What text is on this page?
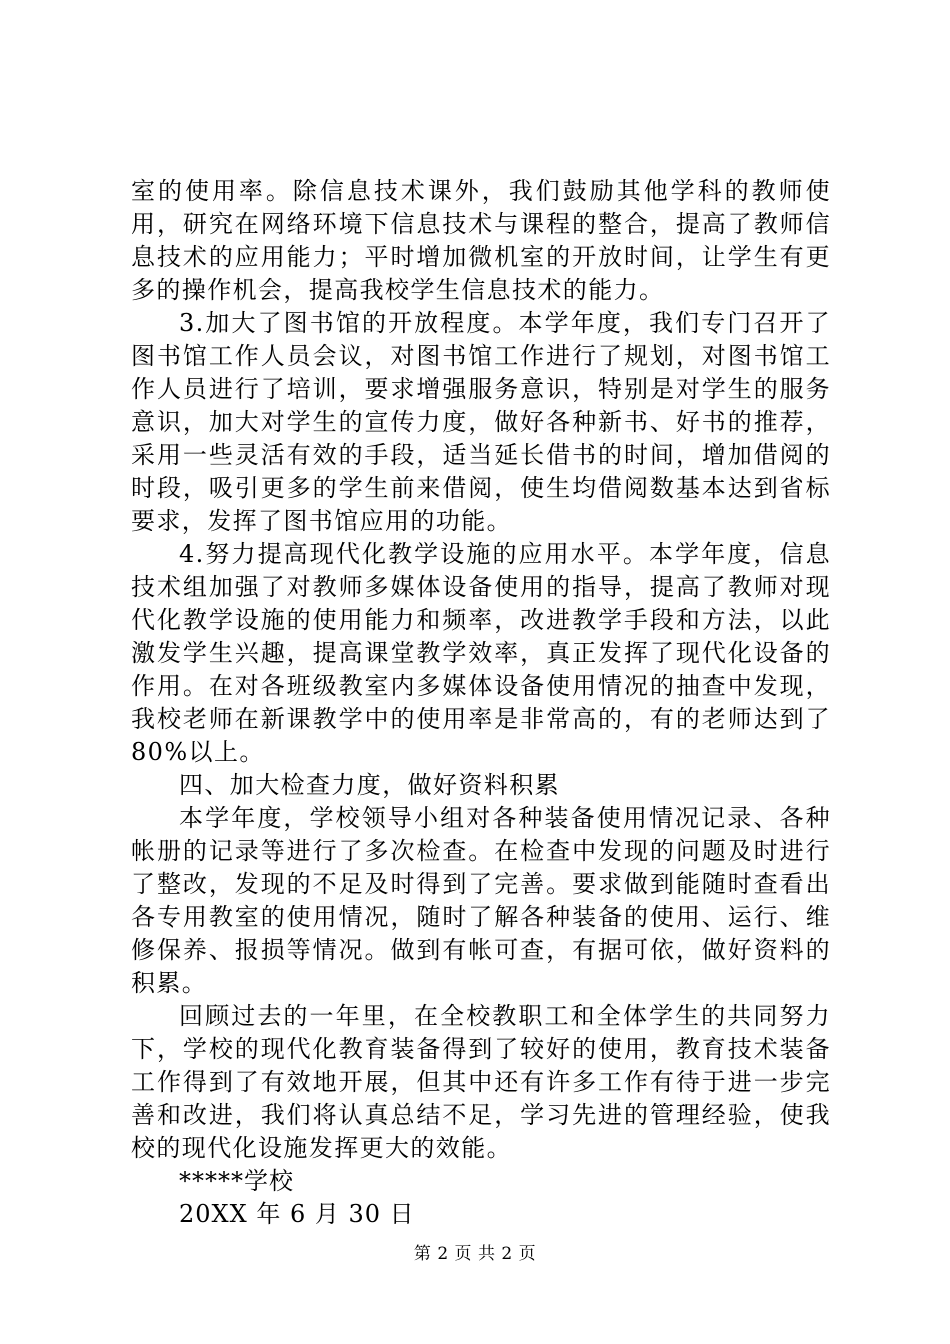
室的使用率。除信息技术课外，我们鼓励其他学科的教师使用，研究在网络环境下信息技术与课程的整合，提高了教师信息技术的应用能力；平时增加微机室的开放时间，让学生有更多的操作机会，提高我校学生信息技术的能力。

3.加大了图书馆的开放程度。本学年度，我们专门召开了图书馆工作人员会议，对图书馆工作进行了规划，对图书馆工作人员进行了培训，要求增强服务意识，特别是对学生的服务意识，加大对学生的宣传力度，做好各种新书、好书的推荐，采用一些灵活有效的手段，适当延长借书的时间，增加借阅的时段，吸引更多的学生前来借阅，使生均借阅数基本达到省标要求，发挥了图书馆应用的功能。

4.努力提高现代化教学设施的应用水平。本学年度，信息技术组加强了对教师多媒体设备使用的指导，提高了教师对现代化教学设施的使用能力和频率，改进教学手段和方法，以此激发学生兴趣，提高课堂教学效率，真正发挥了现代化设备的作用。在对各班级教室内多媒体设备使用情况的抽查中发现，我校老师在新课教学中的使用率是非常高的，有的老师达到了80%以上。

四、加大检查力度，做好资料积累

本学年度，学校领导小组对各种装备使用情况记录、各种帐册的记录等进行了多次检查。在检查中发现的问题及时进行了整改，发现的不足及时得到了完善。要求做到能随时查看出各专用教室的使用情况，随时了解各种装备的使用、运行、维修保养、报损等情况。做到有帐可查，有据可依，做好资料的积累。

回顾过去的一年里，在全校教职工和全体学生的共同努力下，学校的现代化教育装备得到了较好的使用，教育技术装备工作得到了有效地开展，但其中还有许多工作有待于进一步完善和改进，我们将认真总结不足，学习先进的管理经验，使我校的现代化设施发挥更大的效能。

*****学校

20XX 年 6 月 30 日

第 2 页 共 2 页
